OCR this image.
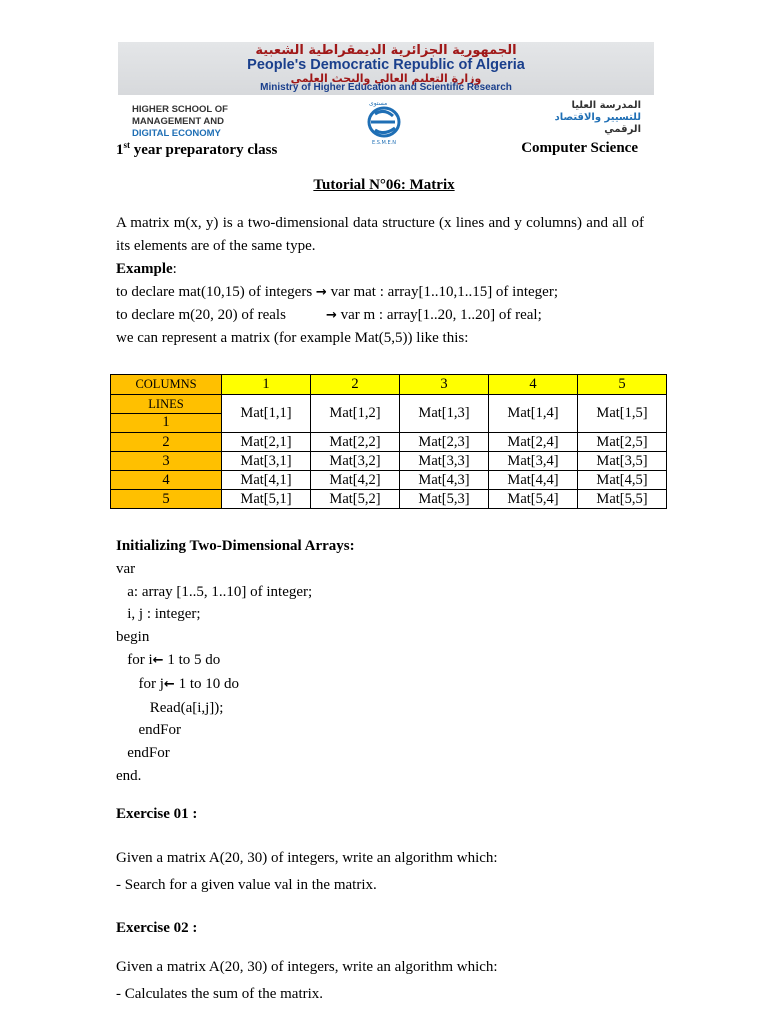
الجمهورية الجزائرية الديمقراطية الشعبية
People's Democratic Republic of Algeria
وزارة التعليم العالي والبحث العلمي
Ministry of Higher Education and Scientific Research
HIGHER SCHOOL OF
MANAGEMENT AND
DIGITAL ECONOMY
مستوى
E.S.M.E.N
المدرسة العليا
للتسيير والاقتصاد
الرقمي
1st year preparatory class	Computer Science
Tutorial N°06: Matrix

A matrix m(x, y) is a two-dimensional data structure (x lines and y columns) and all of its elements are of the same type.

Example:

to declare mat(10,15) of integers → var mat : array[1..10,1..15] of integer;

to declare m(20, 20) of reals	→ var m : array[1..20, 1..20] of real;

we can represent a matrix (for example Mat(5,5)) like this:

COLUMNS	1	2	3	4	5

LINES
1	Mat[1,1]	Mat[1,2]	Mat[1,3]	Mat[1,4]	Mat[1,5]
2	Mat[2,1]	Mat[2,2]	Mat[2,3]	Mat[2,4]	Mat[2,5]
3	Mat[3,1]	Mat[3,2]	Mat[3,3]	Mat[3,4]	Mat[3,5]
4	Mat[4,1]	Mat[4,2]	Mat[4,3]	Mat[4,4]	Mat[4,5]
5	Mat[5,1]	Mat[5,2]	Mat[5,3]	Mat[5,4]	Mat[5,5]
Initializing Two-Dimensional Arrays:
var
a: array [1..5, 1..10] of integer;
i, j : integer;
begin
for i← 1 to 5 do
for j← 1 to 10 do
Read(a[i,j]);
endFor
endFor
end.
Exercise 01 :
Given a matrix A(20, 30) of integers, write an algorithm which:
- Search for a given value val in the matrix.
Exercise 02 :
Given a matrix A(20, 30) of integers, write an algorithm which:
- Calculates the sum of the matrix.
